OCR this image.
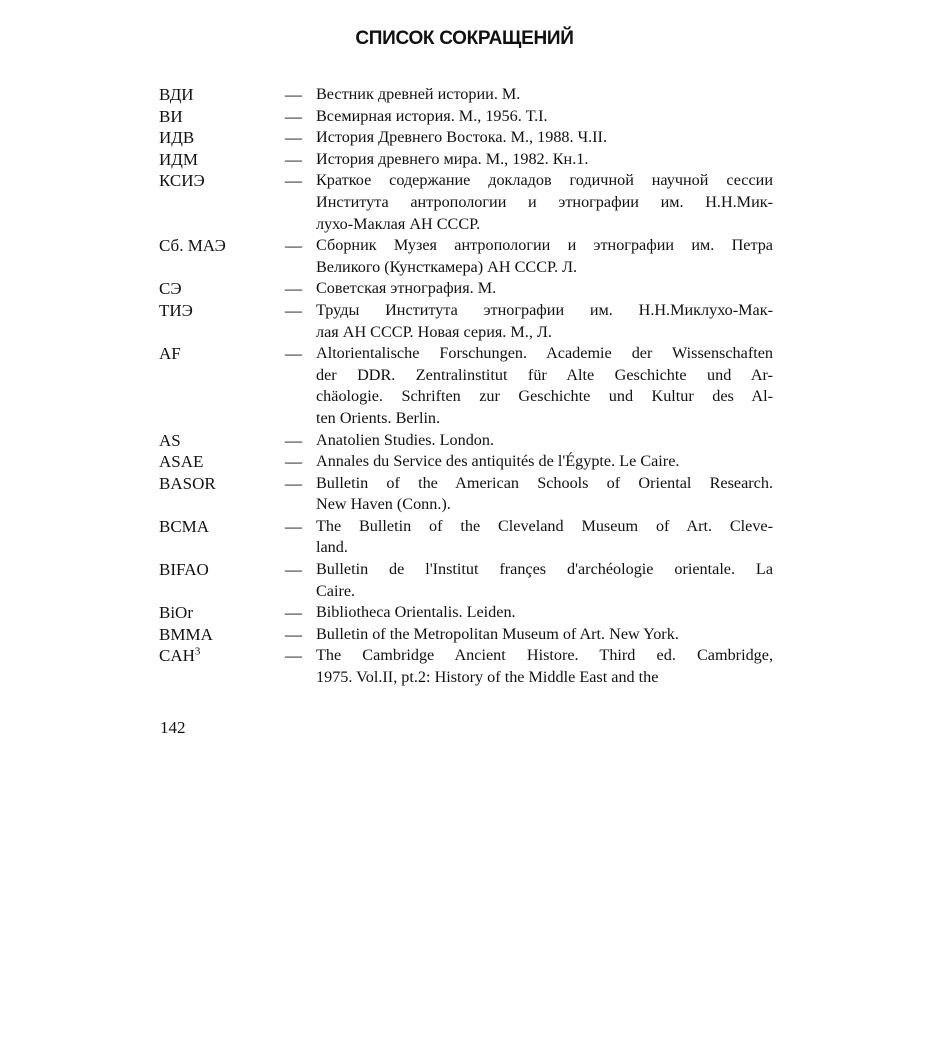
СПИСОК СОКРАЩЕНИЙ
ВДИ	— Вестник древней истории. М.
ВИ	— Всемирная история. М., 1956. Т.I.
ИДВ	— История Древнего Востока. М., 1988. Ч.II.
ИДМ	— История древнего мира. М., 1982. Кн.1.
КСИЭ	— Краткое содержание докладов годичной научной сессии
Института антропологии и этнографии им. Н.Н.Мик-
лухо-Маклая АН СССР.
Сб. МАЭ	— Сборник Музея антропологии и этнографии им. Петра
Великого (Кунсткамера) АН СССР. Л.
СЭ	— Советская этнография. М.
ТИЭ	— Труды Института этнографии им. Н.Н.Миклухо-Мак-
лая АН СССР. Новая серия. М., Л.
AF	— Altorientalische Forschungen. Academie der Wissenschaften
der DDR. Zentralinstitut für Alte Geschichte und Ar-
chäologie. Schriften zur Geschichte und Kultur des Al-
ten Orients. Berlin.
AS	— Anatolien Studies. London.
ASAE	— Annales du Service des antiquités de l'Égypte. Le Caire.
BASOR	— Bulletin of the American Schools of Oriental Research.
New Haven (Conn.).
BCMA	— The Bulletin of the Cleveland Museum of Art. Cleve-
land.
BIFAO	— Bulletin de l'Institut françes d'archéologie orientale. La
Caire.
BiOr	— Bibliotheca Orientalis. Leiden.
BMMA	— Bulletin of the Metropolitan Museum of Art. New York.
CAH$^3$	— The Cambridge Ancient Histore. Third ed. Cambridge,
1975. Vol.II, pt.2: History of the Middle East and the
142
